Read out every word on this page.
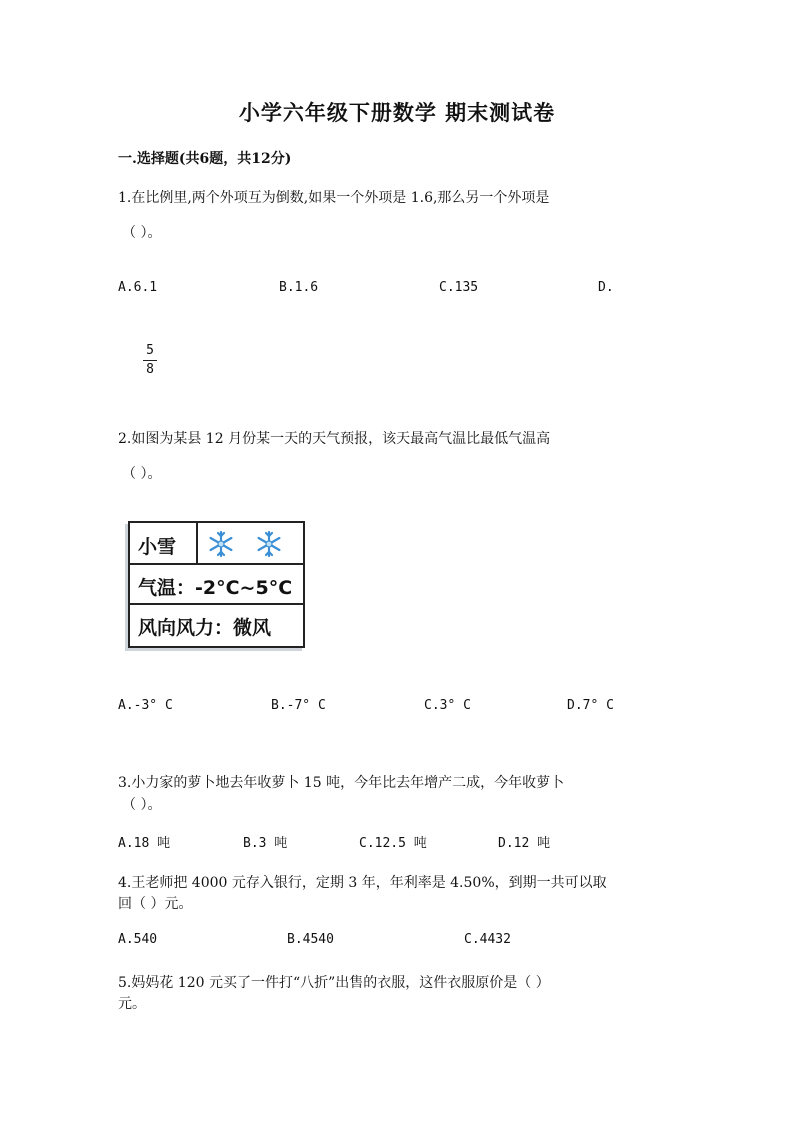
小学六年级下册数学 期末测试卷
一.选择题(共6题，共12分)
1.在比例里,两个外项互为倒数,如果一个外项是 1.6,那么另一个外项是
（ ）。
A.6.1	B.1.6	C.135	D.
5
8
2.如图为某县 12 月份某一天的天气预报，该天最高气温比最低气温高
（ ）。
小雪
气温：-2°C~5°C
风向风力：微风
A.-3° C	B.-7° C	C.3° C	D.7° C
3.小力家的萝卜地去年收萝卜 15 吨，今年比去年增产二成，今年收萝卜
（ ）。
A.18 吨	B.3 吨	C.12.5 吨	D.12 吨
4.王老师把 4000 元存入银行，定期 3 年，年利率是 4.50%，到期一共可以取
回（ ）元。
A.540	B.4540	C.4432
5.妈妈花 120 元买了一件打“八折”出售的衣服，这件衣服原价是（ ）
元。
